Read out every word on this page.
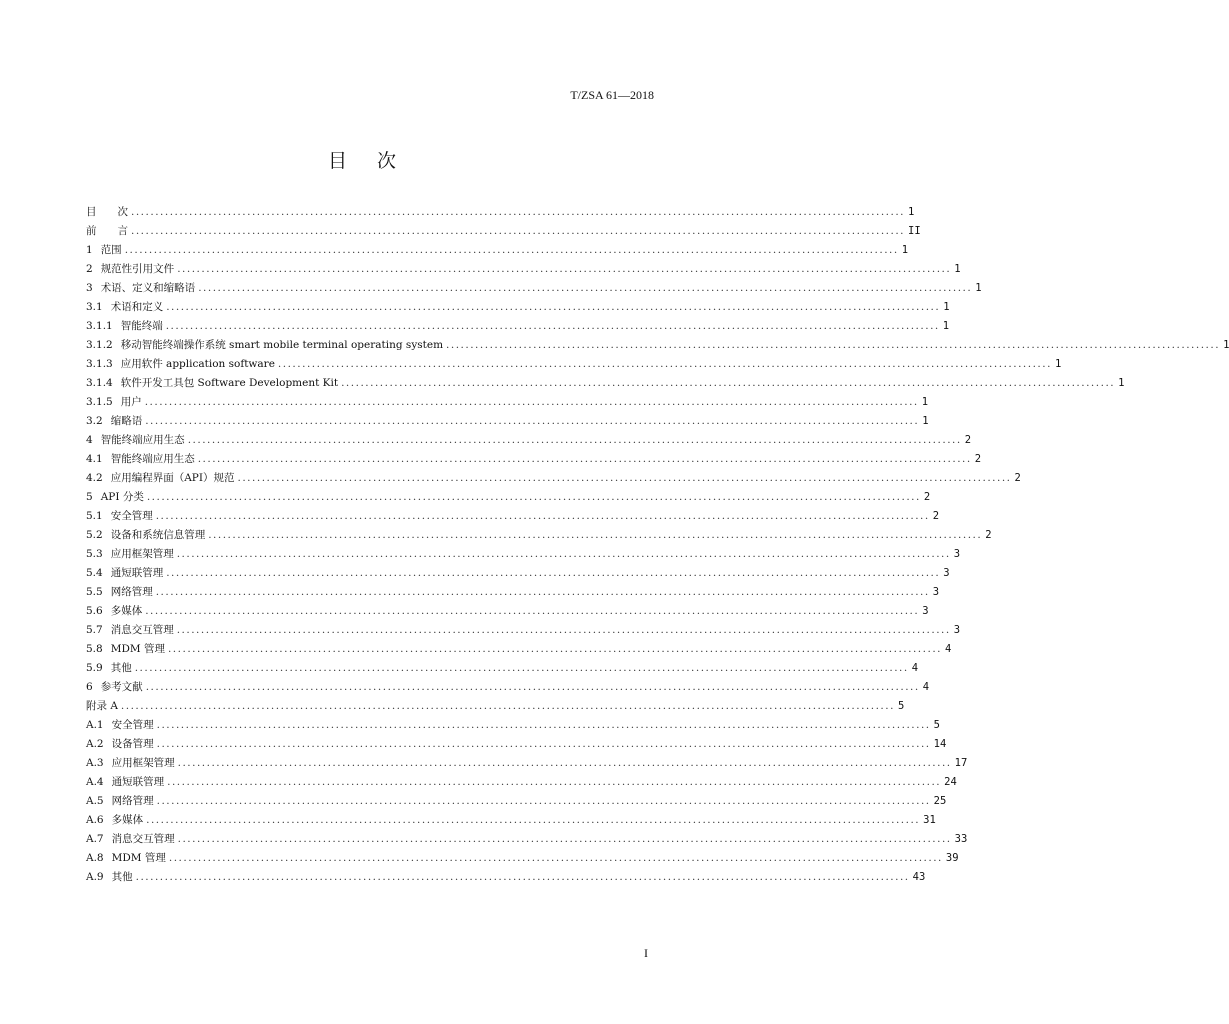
T/ZSA 61—2018
目次
目　　次 ................................................................................................................................................................ 1
前　　言 ................................................................................................................................................................ II
1 范围 ................................................................................................................................................................ 1
2 规范性引用文件 ................................................................................................................................................................ 1
3 术语、定义和缩略语 ................................................................................................................................................................ 1
3.1 术语和定义 ................................................................................................................................................................ 1
3.1.1 智能终端 ................................................................................................................................................................ 1
3.1.2 移动智能终端操作系统 smart mobile terminal operating system ................................................................................................................................................................ 1
3.1.3 应用软件 application software ................................................................................................................................................................ 1
3.1.4 软件开发工具包 Software Development Kit ................................................................................................................................................................ 1
3.1.5 用户 ................................................................................................................................................................ 1
3.2 缩略语 ................................................................................................................................................................ 1
4 智能终端应用生态 ................................................................................................................................................................ 2
4.1 智能终端应用生态 ................................................................................................................................................................ 2
4.2 应用编程界面（API）规范 ................................................................................................................................................................ 2
5 API 分类 ................................................................................................................................................................ 2
5.1 安全管理 ................................................................................................................................................................ 2
5.2 设备和系统信息管理 ................................................................................................................................................................ 2
5.3 应用框架管理 ................................................................................................................................................................ 3
5.4 通短联管理 ................................................................................................................................................................ 3
5.5 网络管理 ................................................................................................................................................................ 3
5.6 多媒体 ................................................................................................................................................................ 3
5.7 消息交互管理 ................................................................................................................................................................ 3
5.8 MDM 管理 ................................................................................................................................................................ 4
5.9 其他 ................................................................................................................................................................ 4
6 参考文献 ................................................................................................................................................................ 4
附录 A ................................................................................................................................................................ 5
A.1 安全管理 ................................................................................................................................................................ 5
A.2 设备管理 ................................................................................................................................................................ 14
A.3 应用框架管理 ................................................................................................................................................................ 17
A.4 通短联管理 ................................................................................................................................................................ 24
A.5 网络管理 ................................................................................................................................................................ 25
A.6 多媒体 ................................................................................................................................................................ 31
A.7 消息交互管理 ................................................................................................................................................................ 33
A.8 MDM 管理 ................................................................................................................................................................ 39
A.9 其他 ................................................................................................................................................................ 43
I
